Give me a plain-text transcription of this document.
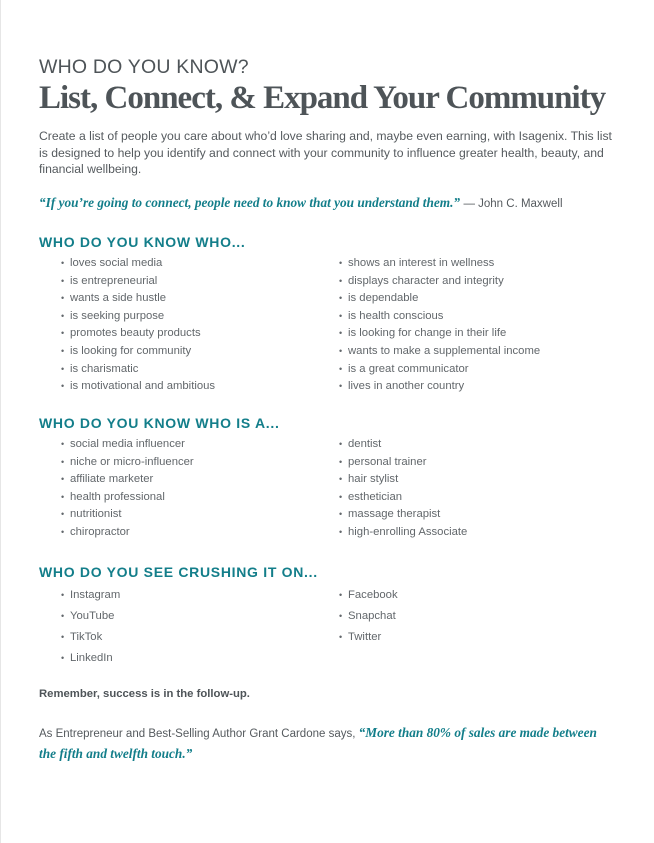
WHO DO YOU KNOW?

List, Connect, & Expand Your Community

Create a list of people you care about who’d love sharing and, maybe even earning, with Isagenix. This list is designed to help you identify and connect with your community to influence greater health, beauty, and financial wellbeing.

“If you’re going to connect, people need to know that you understand them.” — John C. Maxwell

WHO DO YOU KNOW WHO...
• loves social media
• is entrepreneurial
• wants a side hustle
• is seeking purpose
• promotes beauty products
• is looking for community
• is charismatic
• is motivational and ambitious
• shows an interest in wellness
• displays character and integrity
• is dependable
• is health conscious
• is looking for change in their life
• wants to make a supplemental income
• is a great communicator
• lives in another country
WHO DO YOU KNOW WHO IS A...
• social media influencer
• niche or micro-influencer
• affiliate marketer
• health professional
• nutritionist
• chiropractor
• dentist
• personal trainer
• hair stylist
• esthetician
• massage therapist
• high-enrolling Associate
WHO DO YOU SEE CRUSHING IT ON...
• Instagram
• YouTube
• TikTok
• LinkedIn
• Facebook
• Snapchat
• Twitter

Remember, success is in the follow-up.

As Entrepreneur and Best-Selling Author Grant Cardone says, “More than 80% of sales are made between the fifth and twelfth touch.”
